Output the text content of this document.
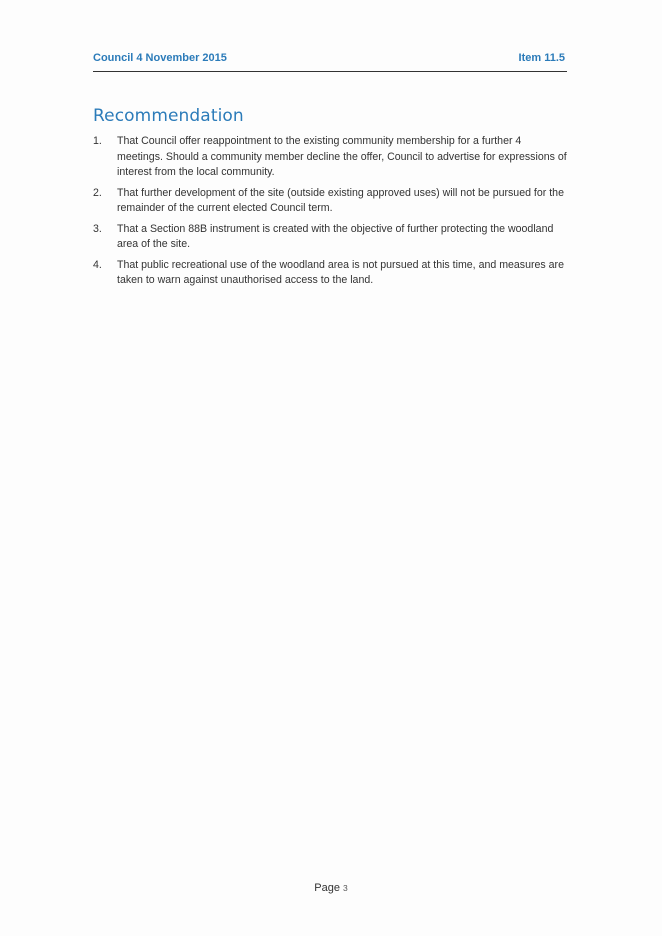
Council 4 November 2015	Item 11.5
Recommendation
1. That Council offer reappointment to the existing community membership for a further 4 meetings. Should a community member decline the offer, Council to advertise for expressions of interest from the local community.
2. That further development of the site (outside existing approved uses) will not be pursued for the remainder of the current elected Council term.
3. That a Section 88B instrument is created with the objective of further protecting the woodland area of the site.
4. That public recreational use of the woodland area is not pursued at this time, and measures are taken to warn against unauthorised access to the land.
Page 3
